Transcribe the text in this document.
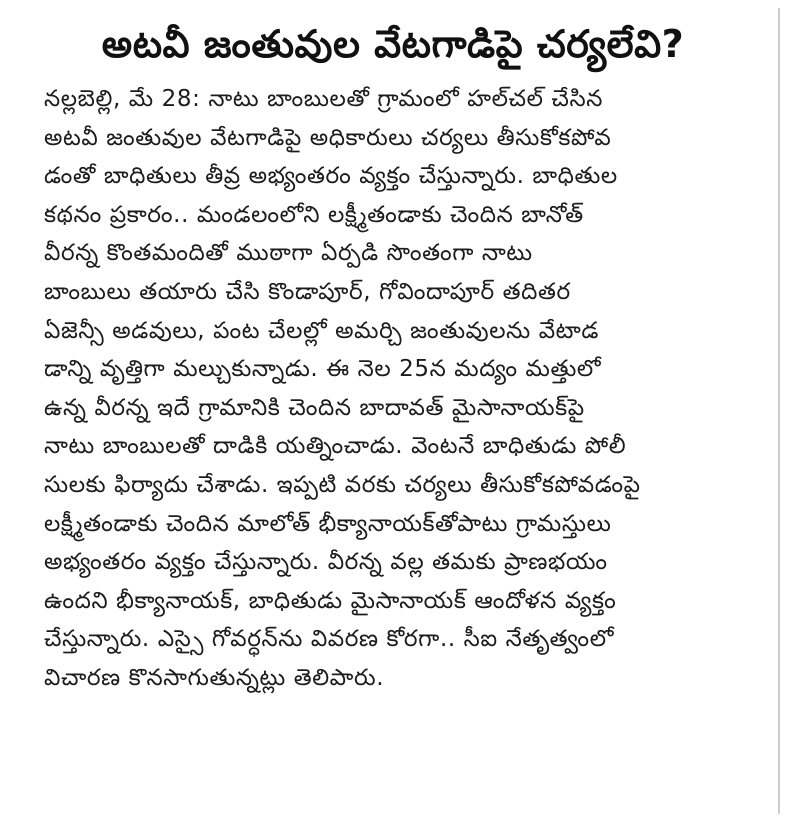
అటవీ జంతువుల వేటగాడిపై చర్యలేవి?
నల్లబెల్లి, మే 28: నాటు బాంబులతో గ్రామంలో హల్‌చల్ చేసిన
అటవీ జంతువుల వేటగాడిపై అధికారులు చర్యలు తీసుకోకపోవ
డంతో బాధితులు తీవ్ర అభ్యంతరం వ్యక్తం చేస్తున్నారు. బాధితుల
కథనం ప్రకారం.. మండలంలోని లక్ష్మీతండాకు చెందిన బానోత్
వీరన్న కొంతమందితో ముఠాగా ఏర్పడి సొంతంగా నాటు
బాంబులు తయారు చేసి కొండాపూర్, గోవిందాపూర్ తదితర
ఏజెన్సీ అడవులు, పంట చేలల్లో అమర్చి జంతువులను వేటాడ
డాన్ని వృత్తిగా మల్చుకున్నాడు. ఈ నెల 25న మద్యం మత్తులో
ఉన్న వీరన్న ఇదే గ్రామానికి చెందిన బాదావత్ మైసానాయక్‌పై
నాటు బాంబులతో దాడికి యత్నించాడు. వెంటనే బాధితుడు పోలీ
సులకు ఫిర్యాదు చేశాడు. ఇప్పటి వరకు చర్యలు తీసుకోకపోవడంపై
లక్ష్మీతండాకు చెందిన మాలోత్ భీక్యానాయక్‌తోపాటు గ్రామస్తులు
అభ్యంతరం వ్యక్తం చేస్తున్నారు. వీరన్న వల్ల తమకు ప్రాణభయం
ఉందని భీక్యానాయక్, బాధితుడు మైసానాయక్ ఆందోళన వ్యక్తం
చేస్తున్నారు. ఎస్సై గోవర్ధన్‌ను వివరణ కోరగా.. సీఐ నేతృత్వంలో
విచారణ కొనసాగుతున్నట్లు తెలిపారు.
